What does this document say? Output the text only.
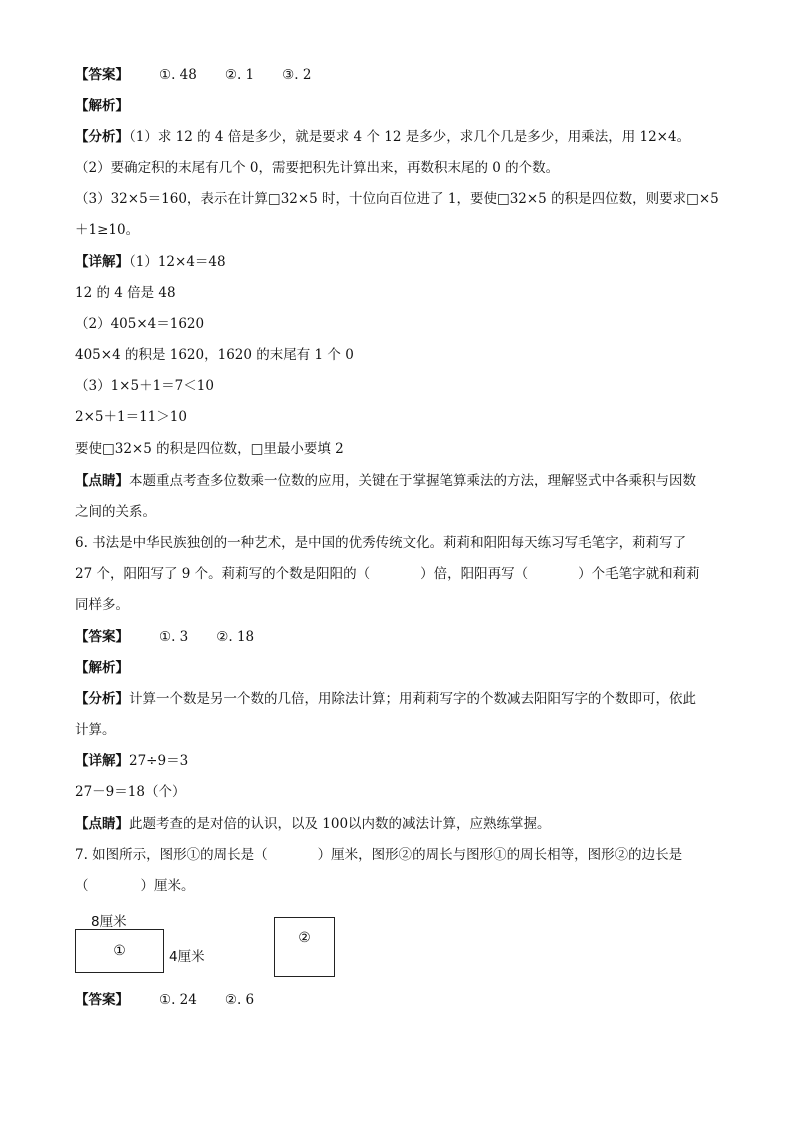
【答案】 ①. 48 ②. 1 ③. 2
【解析】
【分析】（1）求 12 的 4 倍是多少，就是要求 4 个 12 是多少，求几个几是多少，用乘法，用 12×4。
（2）要确定积的末尾有几个 0，需要把积先计算出来，再数积末尾的 0 的个数。
（3）32×5＝160，表示在计算□32×5 时，十位向百位进了 1，要使□32×5 的积是四位数，则要求□×5
＋1≥10。
【详解】（1）12×4＝48
12 的 4 倍是 48
（2）405×4＝1620
405×4 的积是 1620，1620 的末尾有 1 个 0
（3）1×5＋1＝7＜10
2×5＋1＝11＞10
要使□32×5 的积是四位数，□里最小要填 2
【点睛】本题重点考查多位数乘一位数的应用，关键在于掌握笔算乘法的方法，理解竖式中各乘积与因数
之间的关系。
6. 书法是中华民族独创的一种艺术，是中国的优秀传统文化。莉莉和阳阳每天练习写毛笔字，莉莉写了
27 个，阳阳写了 9 个。莉莉写的个数是阳阳的（	）倍，阳阳再写（	）个毛笔字就和莉莉
同样多。
【答案】 ①. 3 ②. 18
【解析】
【分析】计算一个数是另一个数的几倍，用除法计算；用莉莉写字的个数减去阳阳写字的个数即可，依此
计算。
【详解】27÷9＝3
27－9＝18（个）
【点睛】此题考查的是对倍的认识，以及 100以内数的减法计算，应熟练掌握。
7. 如图所示，图形①的周长是（	）厘米，图形②的周长与图形①的周长相等，图形②的边长是
（	）厘米。
8厘米
①	4厘米
②
【答案】 ①. 24 ②. 6
